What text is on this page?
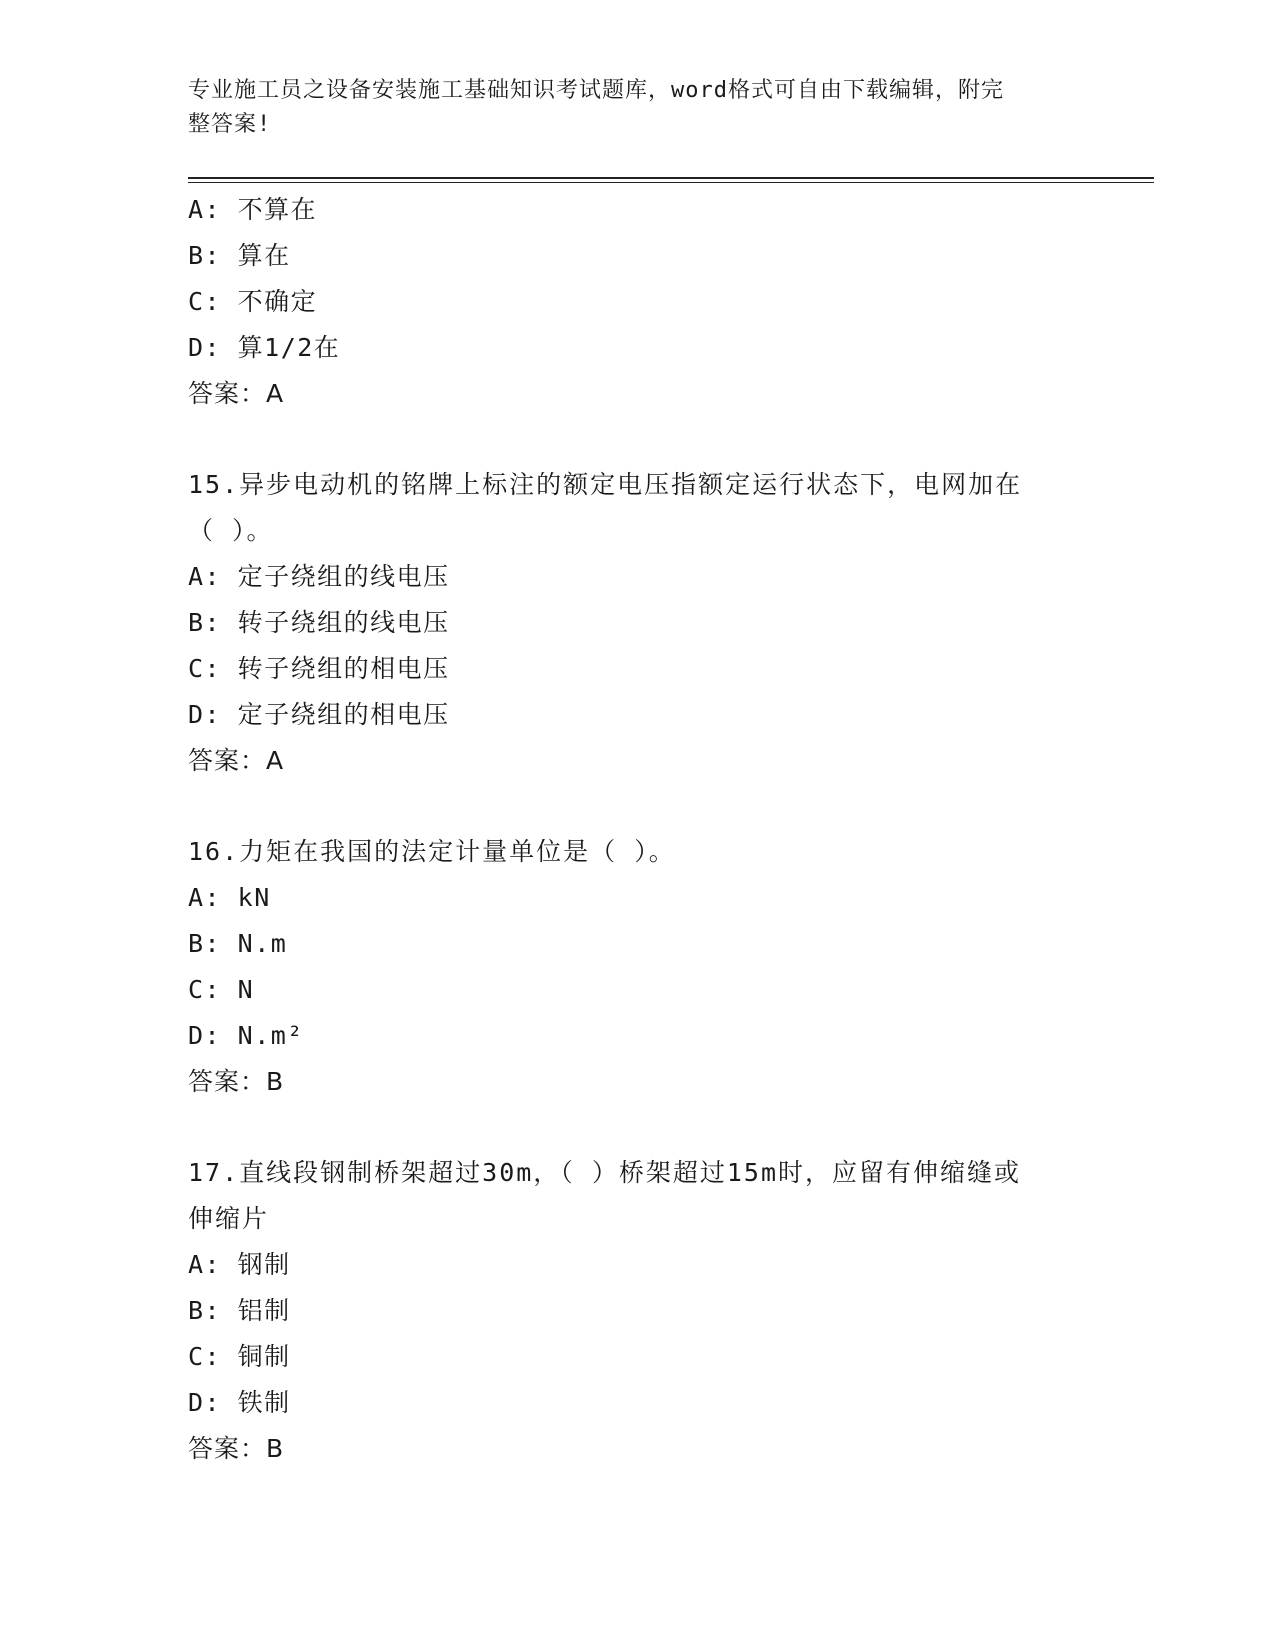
专业施工员之设备安装施工基础知识考试题库，word格式可自由下载编辑，附完
整答案!
A: 不算在
B: 算在
C: 不确定
D: 算1/2在
答案：A
15.异步电动机的铭牌上标注的额定电压指额定运行状态下，电网加在
（ ）。
A: 定子绕组的线电压
B: 转子绕组的线电压
C: 转子绕组的相电压
D: 定子绕组的相电压
答案：A
16.力矩在我国的法定计量单位是（ ）。
A: kN
B: N.m
C: N
D: N.m²
答案：B
17.直线段钢制桥架超过30m，（ ）桥架超过15m时，应留有伸缩缝或
伸缩片
A: 钢制
B: 铝制
C: 铜制
D: 铁制
答案：B
